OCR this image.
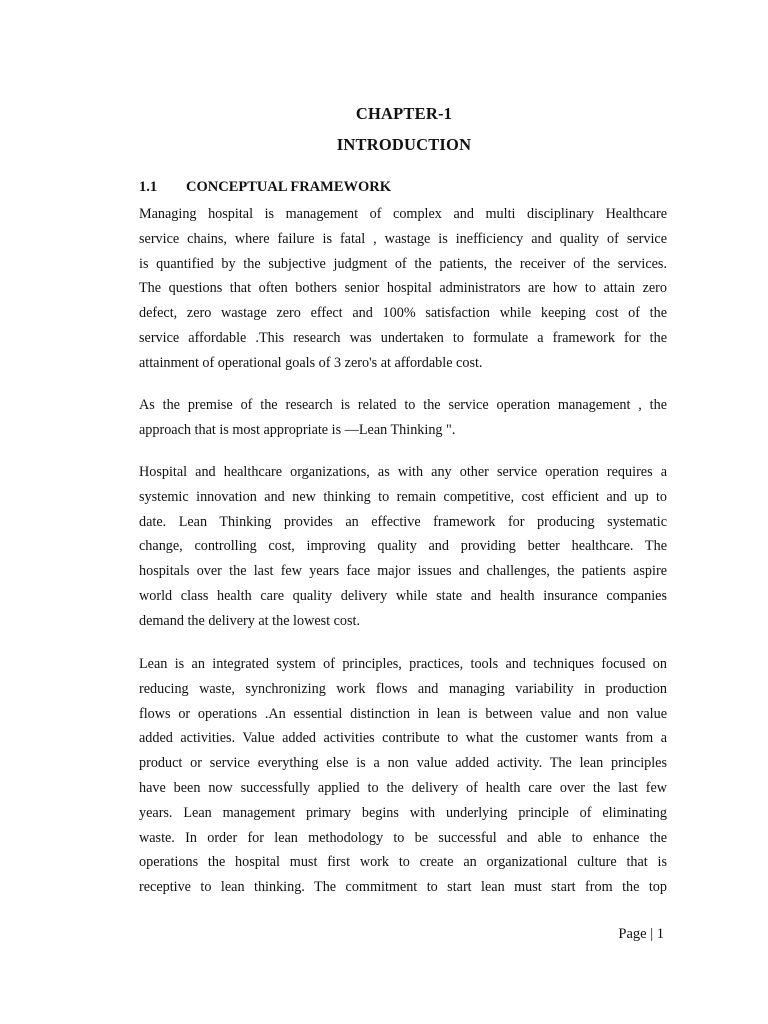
CHAPTER-1
INTRODUCTION
1.1 CONCEPTUAL FRAMEWORK
Managing hospital is management of complex and multi disciplinary Healthcare
service chains, where failure is fatal , wastage is inefficiency and quality of service
is quantified by the subjective judgment of the patients, the receiver of the services.
The questions that often bothers senior hospital administrators are how to attain zero
defect, zero wastage zero effect and 100% satisfaction while keeping cost of the
service affordable .This research was undertaken to formulate a framework for the
attainment of operational goals of 3 zero's at affordable cost.
As the premise of the research is related to the service operation management , the
approach that is most appropriate is —Lean Thinking ".
Hospital and healthcare organizations, as with any other service operation requires a
systemic innovation and new thinking to remain competitive, cost efficient and up to
date. Lean Thinking provides an effective framework for producing systematic
change, controlling cost, improving quality and providing better healthcare. The
hospitals over the last few years face major issues and challenges, the patients aspire
world class health care quality delivery while state and health insurance companies
demand the delivery at the lowest cost.
Lean is an integrated system of principles, practices, tools and techniques focused on
reducing waste, synchronizing work flows and managing variability in production
flows or operations .An essential distinction in lean is between value and non value
added activities. Value added activities contribute to what the customer wants from a
product or service everything else is a non value added activity. The lean principles
have been now successfully applied to the delivery of health care over the last few
years. Lean management primary begins with underlying principle of eliminating
waste. In order for lean methodology to be successful and able to enhance the
operations the hospital must first work to create an organizational culture that is
receptive to lean thinking. The commitment to start lean must start from the top
Page | 1
